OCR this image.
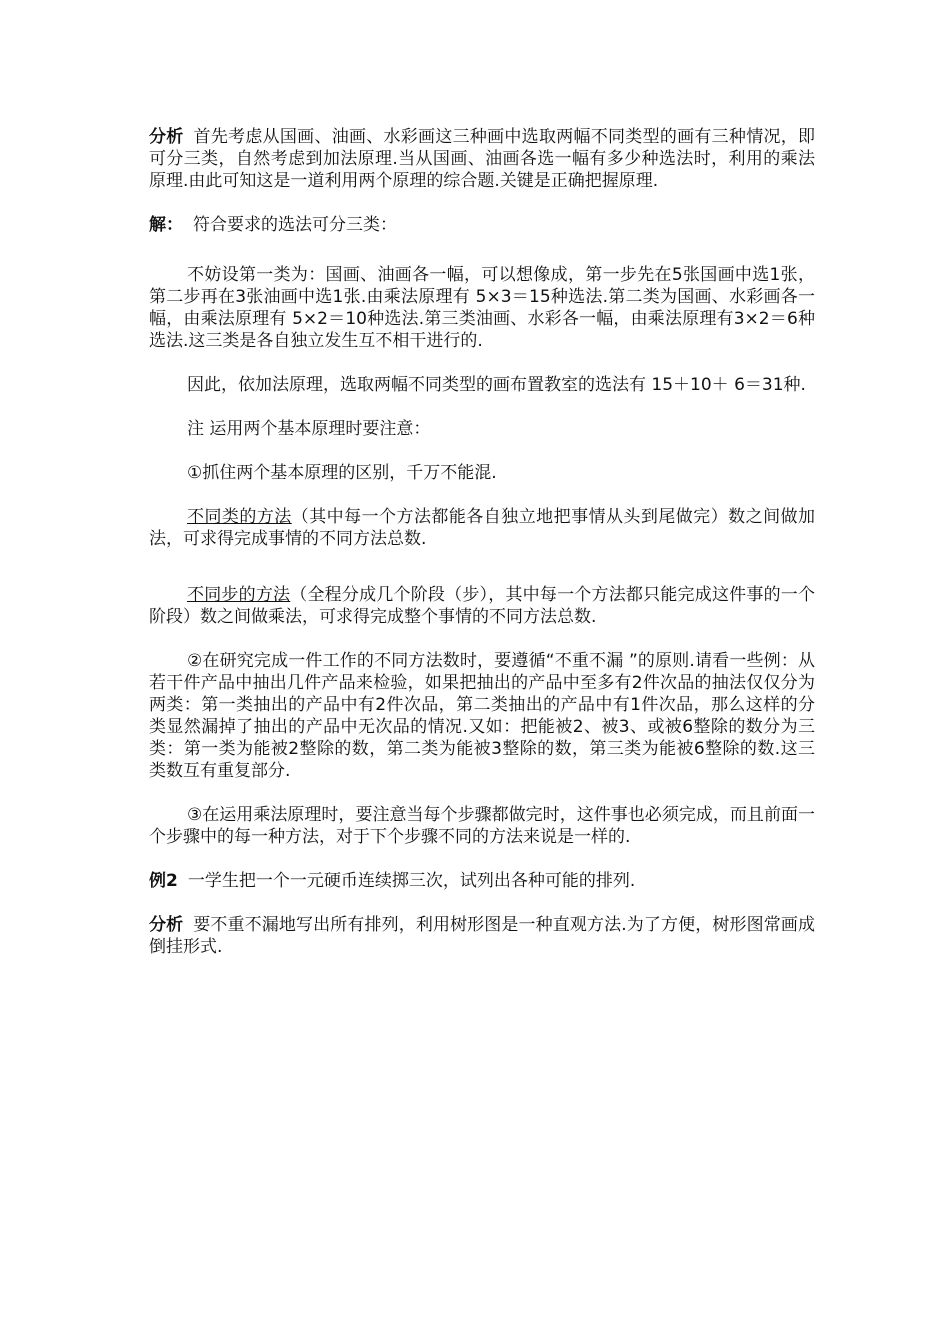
分析 首先考虑从国画、油画、水彩画这三种画中选取两幅不同类型的画有三种情况，即可分三类，自然考虑到加法原理.当从国画、油画各选一幅有多少种选法时，利用的乘法原理.由此可知这是一道利用两个原理的综合题.关键是正确把握原理.

解： 符合要求的选法可分三类：

不妨设第一类为：国画、油画各一幅，可以想像成，第一步先在5张国画中选1张，第二步再在3张油画中选1张.由乘法原理有 5×3＝15种选法.第二类为国画、水彩画各一幅，由乘法原理有 5×2＝10种选法.第三类油画、水彩各一幅，由乘法原理有3×2＝6种选法.这三类是各自独立发生互不相干进行的.

因此，依加法原理，选取两幅不同类型的画布置教室的选法有 15＋10＋ 6＝31种.

注 运用两个基本原理时要注意：

①抓住两个基本原理的区别，千万不能混.

不同类的方法（其中每一个方法都能各自独立地把事情从头到尾做完）数之间做加法，可求得完成事情的不同方法总数.

不同步的方法（全程分成几个阶段（步），其中每一个方法都只能完成这件事的一个阶段）数之间做乘法，可求得完成整个事情的不同方法总数.

②在研究完成一件工作的不同方法数时，要遵循“不重不漏 ”的原则.请看一些例：从若干件产品中抽出几件产品来检验，如果把抽出的产品中至多有2件次品的抽法仅仅分为两类：第一类抽出的产品中有2件次品，第二类抽出的产品中有1件次品，那么这样的分类显然漏掉了抽出的产品中无次品的情况.又如：把能被2、被3、或被6整除的数分为三类：第一类为能被2整除的数，第二类为能被3整除的数，第三类为能被6整除的数.这三类数互有重复部分.

③在运用乘法原理时，要注意当每个步骤都做完时，这件事也必须完成，而且前面一个步骤中的每一种方法，对于下个步骤不同的方法来说是一样的.

例2 一学生把一个一元硬币连续掷三次，试列出各种可能的排列.

分析 要不重不漏地写出所有排列，利用树形图是一种直观方法.为了方便，树形图常画成倒挂形式.
